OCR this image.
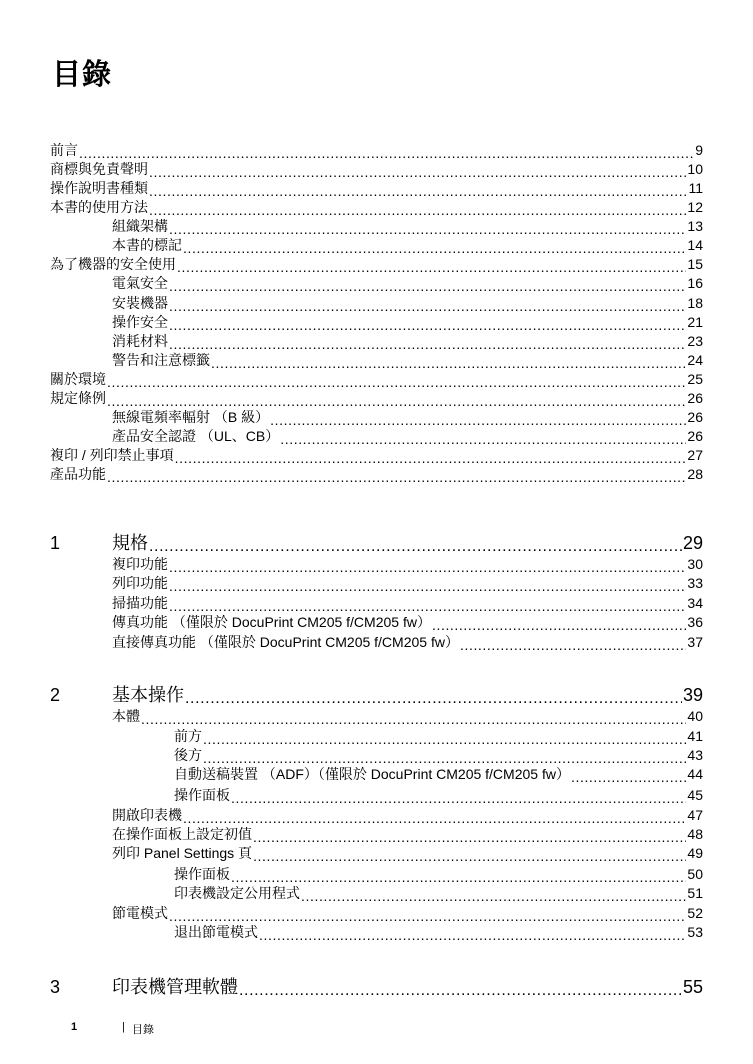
目錄
前言 .....	9
商標與免責聲明 .....	10
操作說明書種類 .....	11
本書的使用方法 .....	12
組織架構 .....	13
本書的標記 .....	14
為了機器的安全使用 .....	15
電氣安全 .....	16
安裝機器 .....	18
操作安全 .....	21
消耗材料 .....	23
警告和注意標籤 .....	24
關於環境 .....	25
規定條例 .....	26
無線電頻率輻射 （B 級） .....	26
產品安全認證 （UL、CB） .....	26
複印 / 列印禁止事項 .....	27
產品功能 .....	28
1	規格 .....	29
複印功能 .....	30
列印功能 .....	33
掃描功能 .....	34
傳真功能 （僅限於 DocuPrint CM205 f/CM205 fw） .....	36
直接傳真功能 （僅限於 DocuPrint CM205 f/CM205 fw） .....	37
2	基本操作 .....	39
本體 .....	40
前方 .....	41
後方 .....	43
自動送稿裝置 （ADF）（僅限於 DocuPrint CM205 f/CM205 fw） .....	44
操作面板 .....	45
開啟印表機 .....	47
在操作面板上設定初值 .....	48
列印 Panel Settings 頁 .....	49
操作面板 .....	50
印表機設定公用程式 .....	51
節電模式 .....	52
退出節電模式 .....	53
3	印表機管理軟體 .....	55
1	| 目錄
